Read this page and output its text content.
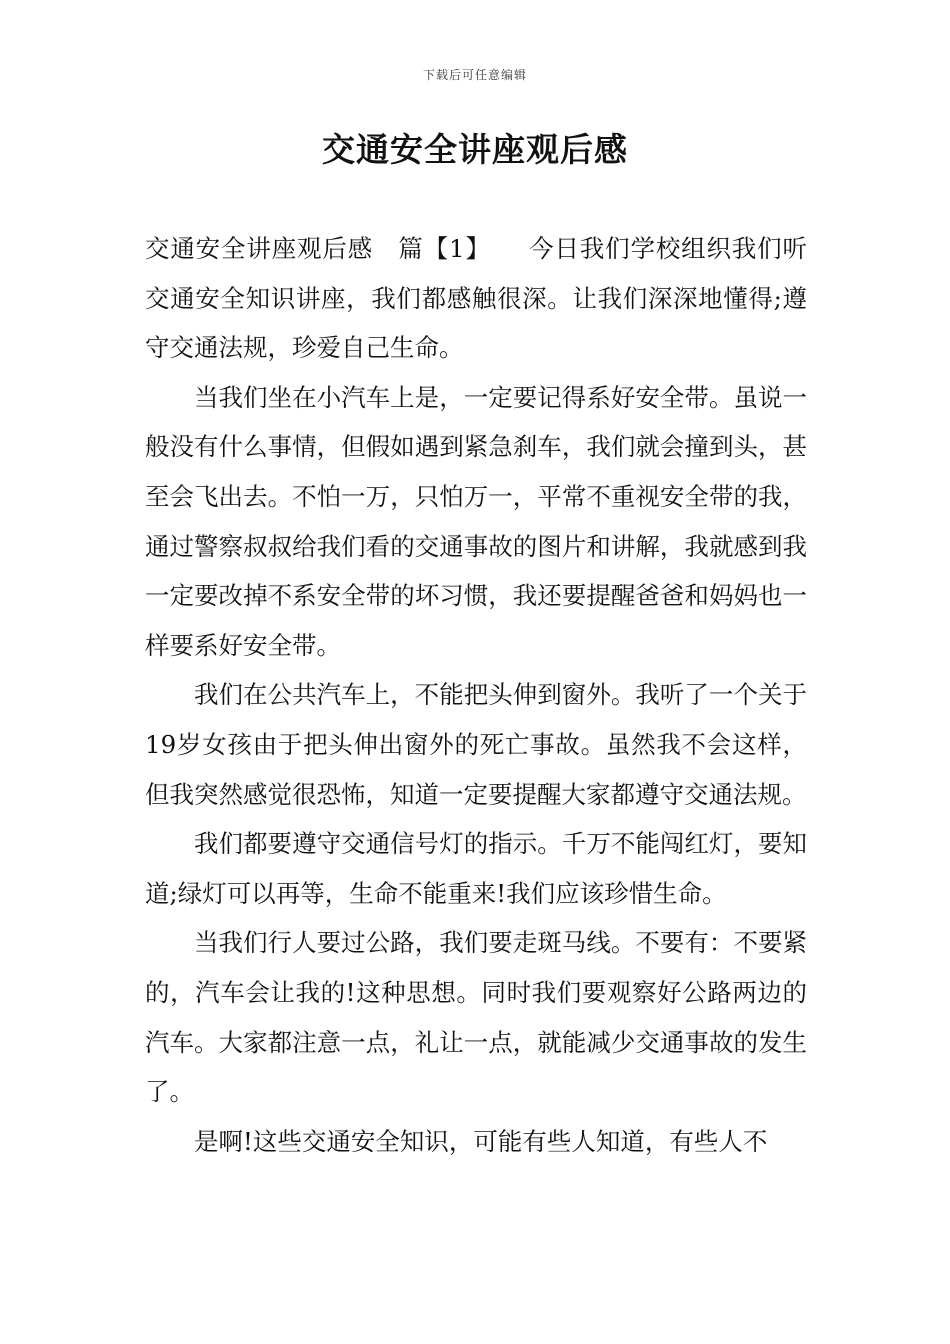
下载后可任意编辑
交通安全讲座观后感

交通安全讲座观后感　篇【1】　　今日我们学校组织我们听交通安全知识讲座，我们都感触很深。让我们深深地懂得;遵守交通法规，珍爱自己生命。

当我们坐在小汽车上是，一定要记得系好安全带。虽说一般没有什么事情，但假如遇到紧急刹车，我们就会撞到头，甚至会飞出去。不怕一万，只怕万一，平常不重视安全带的我，通过警察叔叔给我们看的交通事故的图片和讲解，我就感到我一定要改掉不系安全带的坏习惯，我还要提醒爸爸和妈妈也一样要系好安全带。

我们在公共汽车上，不能把头伸到窗外。我听了一个关于19岁女孩由于把头伸出窗外的死亡事故。虽然我不会这样，但我突然感觉很恐怖，知道一定要提醒大家都遵守交通法规。

我们都要遵守交通信号灯的指示。千万不能闯红灯，要知道;绿灯可以再等，生命不能重来!我们应该珍惜生命。

当我们行人要过公路，我们要走斑马线。不要有：不要紧的，汽车会让我的!这种思想。同时我们要观察好公路两边的汽车。大家都注意一点，礼让一点，就能减少交通事故的发生了。

是啊!这些交通安全知识，可能有些人知道，有些人不
